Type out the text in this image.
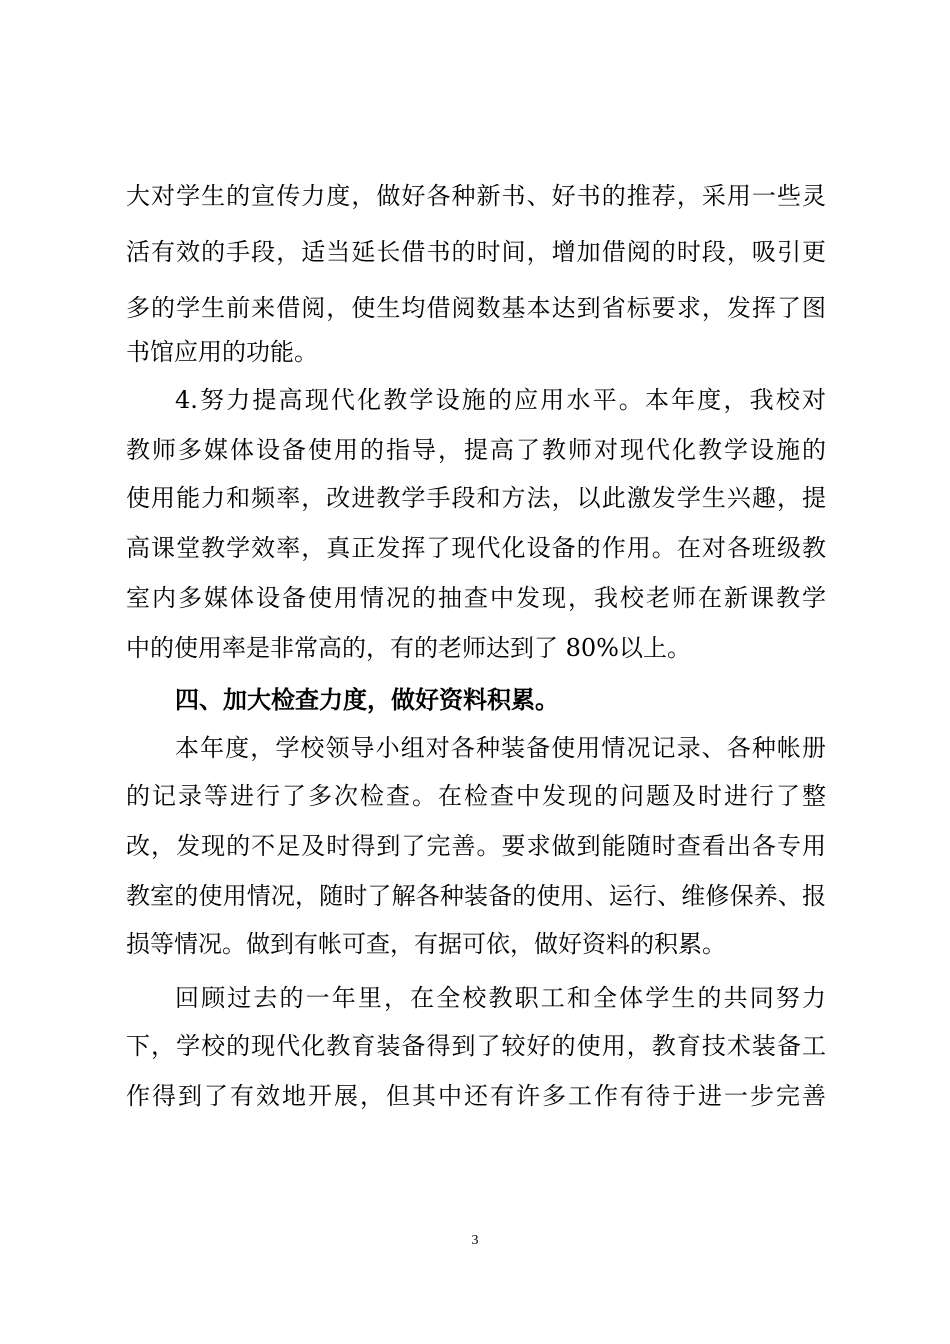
大对学生的宣传力度，做好各种新书、好书的推荐，采用一些灵
活有效的手段，适当延长借书的时间，增加借阅的时段，吸引更
多的学生前来借阅，使生均借阅数基本达到省标要求，发挥了图
书馆应用的功能。
4.努力提高现代化教学设施的应用水平。本年度，我校对
教师多媒体设备使用的指导，提高了教师对现代化教学设施的
使用能力和频率，改进教学手段和方法，以此激发学生兴趣，提
高课堂教学效率，真正发挥了现代化设备的作用。在对各班级教
室内多媒体设备使用情况的抽查中发现，我校老师在新课教学
中的使用率是非常高的，有的老师达到了 80%以上。
四、加大检查力度，做好资料积累。
本年度，学校领导小组对各种装备使用情况记录、各种帐册
的记录等进行了多次检查。在检查中发现的问题及时进行了整
改，发现的不足及时得到了完善。要求做到能随时查看出各专用
教室的使用情况，随时了解各种装备的使用、运行、维修保养、报
损等情况。做到有帐可查，有据可依，做好资料的积累。
回顾过去的一年里，在全校教职工和全体学生的共同努力
下，学校的现代化教育装备得到了较好的使用，教育技术装备工
作得到了有效地开展，但其中还有许多工作有待于进一步完善
3
